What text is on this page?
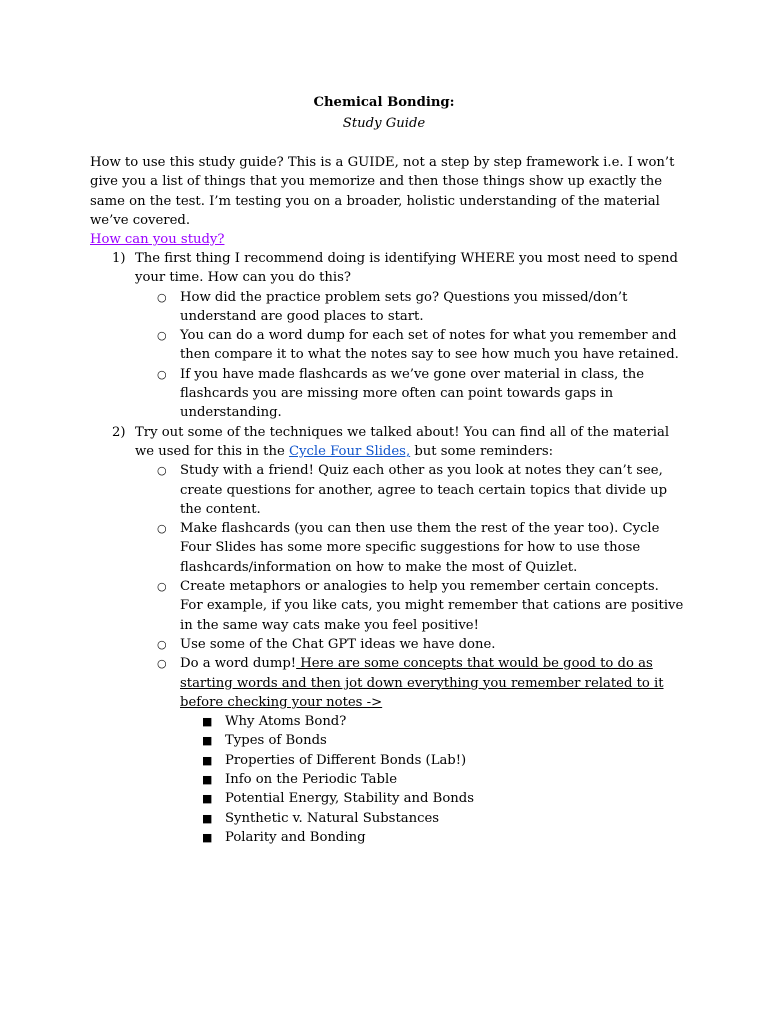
Chemical Bonding:
Study Guide

How to use this study guide? This is a GUIDE, not a step by step framework i.e. I won’t give you a list of things that you memorize and then those things show up exactly the same on the test. I’m testing you on a broader, holistic understanding of the material we’ve covered.

How can you study?
1) The first thing I recommend doing is identifying WHERE you most need to spend your time. How can you do this?
○ How did the practice problem sets go? Questions you missed/don’t understand are good places to start.
○ You can do a word dump for each set of notes for what you remember and then compare it to what the notes say to see how much you have retained.
○ If you have made flashcards as we’ve gone over material in class, the flashcards you are missing more often can point towards gaps in understanding.
2) Try out some of the techniques we talked about! You can find all of the material we used for this in the Cycle Four Slides, but some reminders:
○ Study with a friend! Quiz each other as you look at notes they can’t see, create questions for another, agree to teach certain topics that divide up the content.
○ Make flashcards (you can then use them the rest of the year too). Cycle Four Slides has some more specific suggestions for how to use those flashcards/information on how to make the most of Quizlet.
○ Create metaphors or analogies to help you remember certain concepts. For example, if you like cats, you might remember that cations are positive in the same way cats make you feel positive!
○ Use some of the Chat GPT ideas we have done.
○ Do a word dump! Here are some concepts that would be good to do as starting words and then jot down everything you remember related to it before checking your notes ->
■ Why Atoms Bond?
■ Types of Bonds
■ Properties of Different Bonds (Lab!)
■ Info on the Periodic Table
■ Potential Energy, Stability and Bonds
■ Synthetic v. Natural Substances
■ Polarity and Bonding
